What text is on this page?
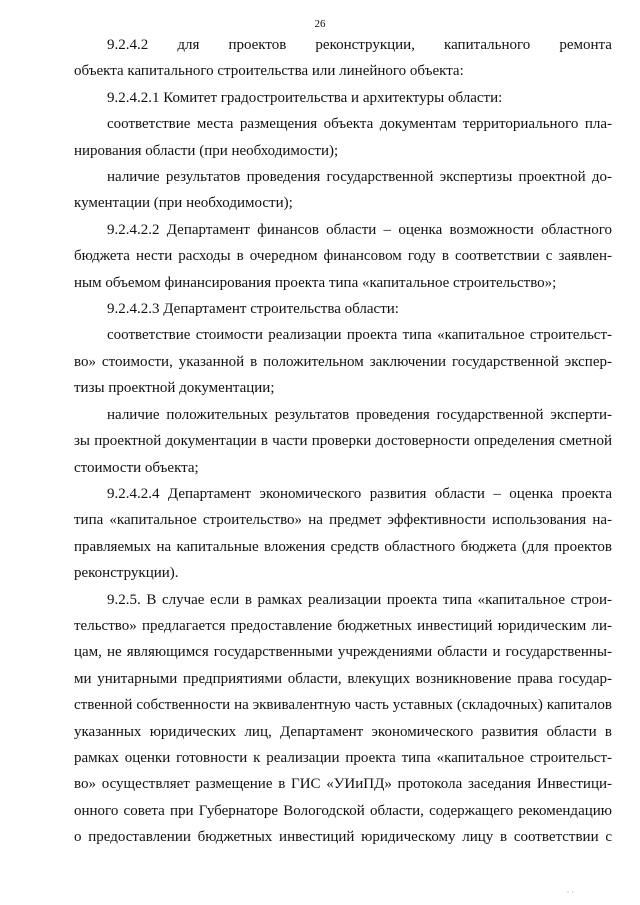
26
9.2.4.2 для проектов реконструкции, капитального ремонта
объекта капитального строительства или линейного объекта:
9.2.4.2.1 Комитет градостроительства и архитектуры области:
соответствие места размещения объекта документам территориального пла-
нирования области (при необходимости);
наличие результатов проведения государственной экспертизы проектной до-
кументации (при необходимости);
9.2.4.2.2 Департамент финансов области – оценка возможности областного
бюджета нести расходы в очередном финансовом году в соответствии с заявлен-
ным объемом финансирования проекта типа «капитальное строительство»;
9.2.4.2.3 Департамент строительства области:
соответствие стоимости реализации проекта типа «капитальное строительст-
во» стоимости, указанной в положительном заключении государственной экспер-
тизы проектной документации;
наличие положительных результатов проведения государственной эксперти-
зы проектной документации в части проверки достоверности определения сметной
стоимости объекта;
9.2.4.2.4 Департамент экономического развития области – оценка проекта
типа «капитальное строительство» на предмет эффективности использования на-
правляемых на капитальные вложения средств областного бюджета (для проектов
реконструкции).
9.2.5. В случае если в рамках реализации проекта типа «капитальное строи-
тельство» предлагается предоставление бюджетных инвестиций юридическим ли-
цам, не являющимся государственными учреждениями области и государственны-
ми унитарными предприятиями области, влекущих возникновение права государ-
ственной собственности на эквивалентную часть уставных (складочных) капиталов
указанных юридических лиц, Департамент экономического развития области в
рамках оценки готовности к реализации проекта типа «капитальное строительст-
во» осуществляет размещение в ГИС «УИиПД» протокола заседания Инвестици-
онного совета при Губернаторе Вологодской области, содержащего рекомендацию
о предоставлении бюджетных инвестиций юридическому лицу в соответствии с
· ·
